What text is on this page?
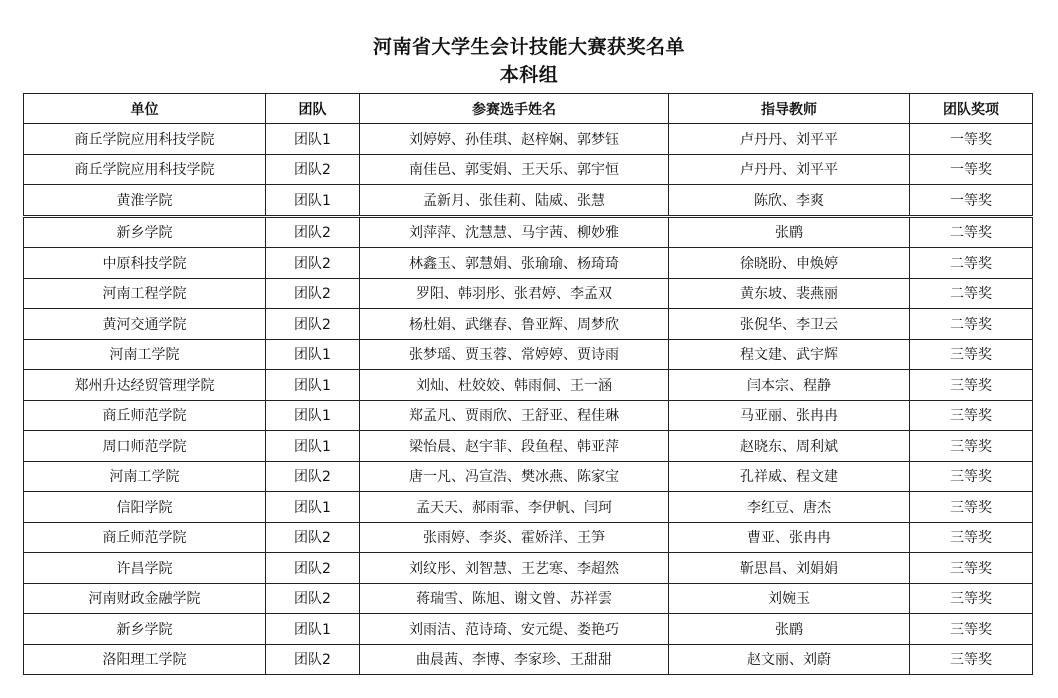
河南省大学生会计技能大赛获奖名单
本科组
单位	团队	参赛选手姓名	指导教师	团队奖项
商丘学院应用科技学院	团队1	刘婷婷、孙佳琪、赵梓娴、郭梦钰	卢丹丹、刘平平	一等奖
商丘学院应用科技学院	团队2	南佳邑、郭雯娟、王天乐、郭宇恒	卢丹丹、刘平平	一等奖
黄淮学院	团队1	孟新月、张佳莉、陆威、张慧	陈欣、李爽	一等奖
新乡学院	团队2	刘萍萍、沈慧慧、马宇茜、柳妙雅	张鹛	二等奖
中原科技学院	团队2	林鑫玉、郭慧娟、张瑜瑜、杨琦琦	徐晓盼、申焕婷	二等奖
河南工程学院	团队2	罗阳、韩羽彤、张君婷、李孟双	黄东坡、裴燕丽	二等奖
黄河交通学院	团队2	杨杜娟、武继春、鲁亚辉、周梦欣	张倪华、李卫云	二等奖
河南工学院	团队1	张梦瑶、贾玉蓉、常婷婷、贾诗雨	程文建、武宇辉	三等奖
郑州升达经贸管理学院	团队1	刘灿、杜姣姣、韩雨侗、王一涵	闫本宗、程静	三等奖
商丘师范学院	团队1	郑孟凡、贾雨欣、王舒亚、程佳琳	马亚丽、张冉冉	三等奖
周口师范学院	团队1	梁怡晨、赵宇菲、段鱼程、韩亚萍	赵晓东、周利斌	三等奖
河南工学院	团队2	唐一凡、冯宣浩、樊冰燕、陈家宝	孔祥威、程文建	三等奖
信阳学院	团队1	孟天天、郝雨霏、李伊帆、闫珂	李红豆、唐杰	三等奖
商丘师范学院	团队2	张雨婷、李炎、霍娇洋、王笋	曹亚、张冉冉	三等奖
许昌学院	团队2	刘纹彤、刘智慧、王艺寒、李超然	靳思昌、刘娟娟	三等奖
河南财政金融学院	团队2	蒋瑞雪、陈旭、谢文曾、苏祥雲	刘婉玉	三等奖
新乡学院	团队1	刘雨洁、范诗琦、安元缇、娄艳巧	张鹛	三等奖
洛阳理工学院	团队2	曲晨茜、李博、李家珍、王甜甜	赵文丽、刘蔚	三等奖
